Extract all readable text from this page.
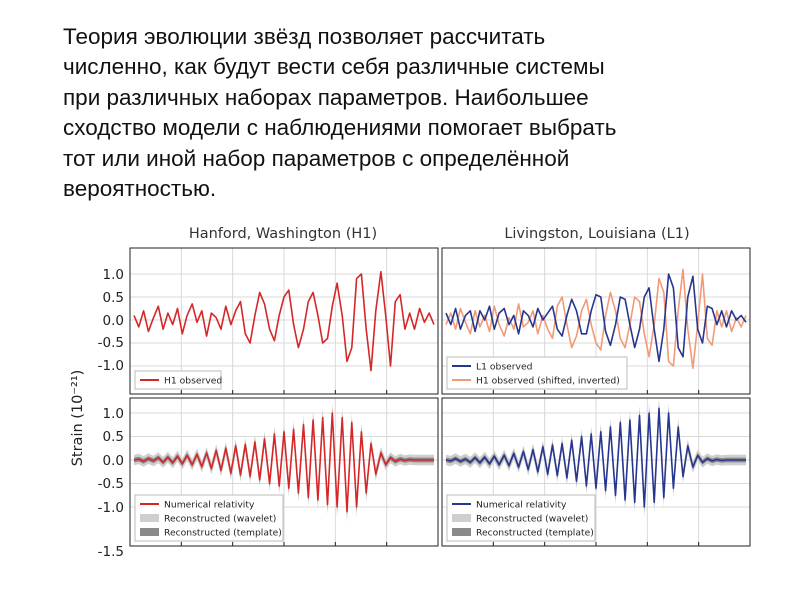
Теория эволюции звёзд позволяет рассчитать
численно, как будут вести себя различные системы
при различных наборах параметров. Наибольшее
сходство модели с наблюдениями помогает выбрать
тот или иной набор параметров с определённой
вероятностью.
Hanford, Washington (H1)	Livingston, Louisiana (L1)
Strain (10⁻²¹)
1.0
0.5
0.0
-0.5
-1.0
1.0
0.5
0.0
-0.5
-1.0
-1.5
H1 observed
L1 observed
H1 observed (shifted, inverted)
Numerical relativity
Reconstructed (wavelet)
Reconstructed (template)
Numerical relativity
Reconstructed (wavelet)
Reconstructed (template)
